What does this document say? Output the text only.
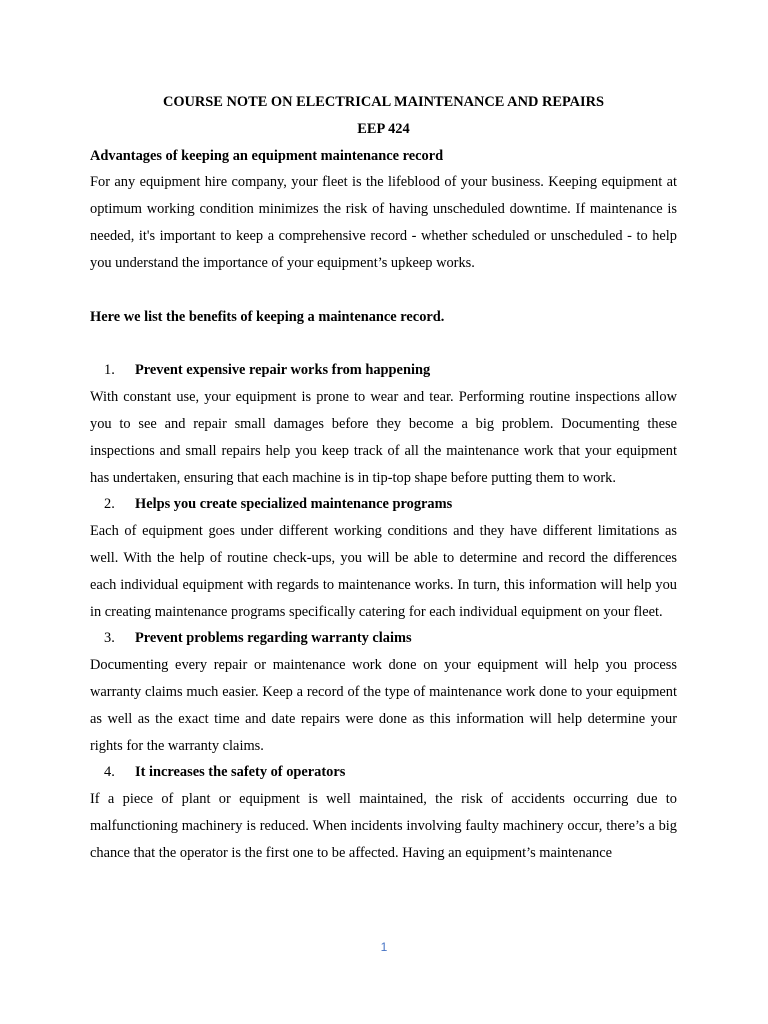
COURSE NOTE ON ELECTRICAL MAINTENANCE AND REPAIRS

EEP 424

Advantages of keeping an equipment maintenance record

For any equipment hire company, your fleet is the lifeblood of your business. Keeping equipment at optimum working condition minimizes the risk of having unscheduled downtime. If maintenance is needed, it's important to keep a comprehensive record - whether scheduled or unscheduled - to help you understand the importance of your equipment’s upkeep works.

Here we list the benefits of keeping a maintenance record.

1.	Prevent expensive repair works from happening

With constant use, your equipment is prone to wear and tear. Performing routine inspections allow you to see and repair small damages before they become a big problem. Documenting these inspections and small repairs help you keep track of all the maintenance work that your equipment has undertaken, ensuring that each machine is in tip-top shape before putting them to work.

2.	Helps you create specialized maintenance programs

Each of equipment goes under different working conditions and they have different limitations as well. With the help of routine check-ups, you will be able to determine and record the differences each individual equipment with regards to maintenance works. In turn, this information will help you in creating maintenance programs specifically catering for each individual equipment on your fleet.

3.	Prevent problems regarding warranty claims

Documenting every repair or maintenance work done on your equipment will help you process warranty claims much easier. Keep a record of the type of maintenance work done to your equipment as well as the exact time and date repairs were done as this information will help determine your rights for the warranty claims.

4.	It increases the safety of operators

If a piece of plant or equipment is well maintained, the risk of accidents occurring due to malfunctioning machinery is reduced. When incidents involving faulty machinery occur, there’s a big chance that the operator is the first one to be affected. Having an equipment’s maintenance

1
